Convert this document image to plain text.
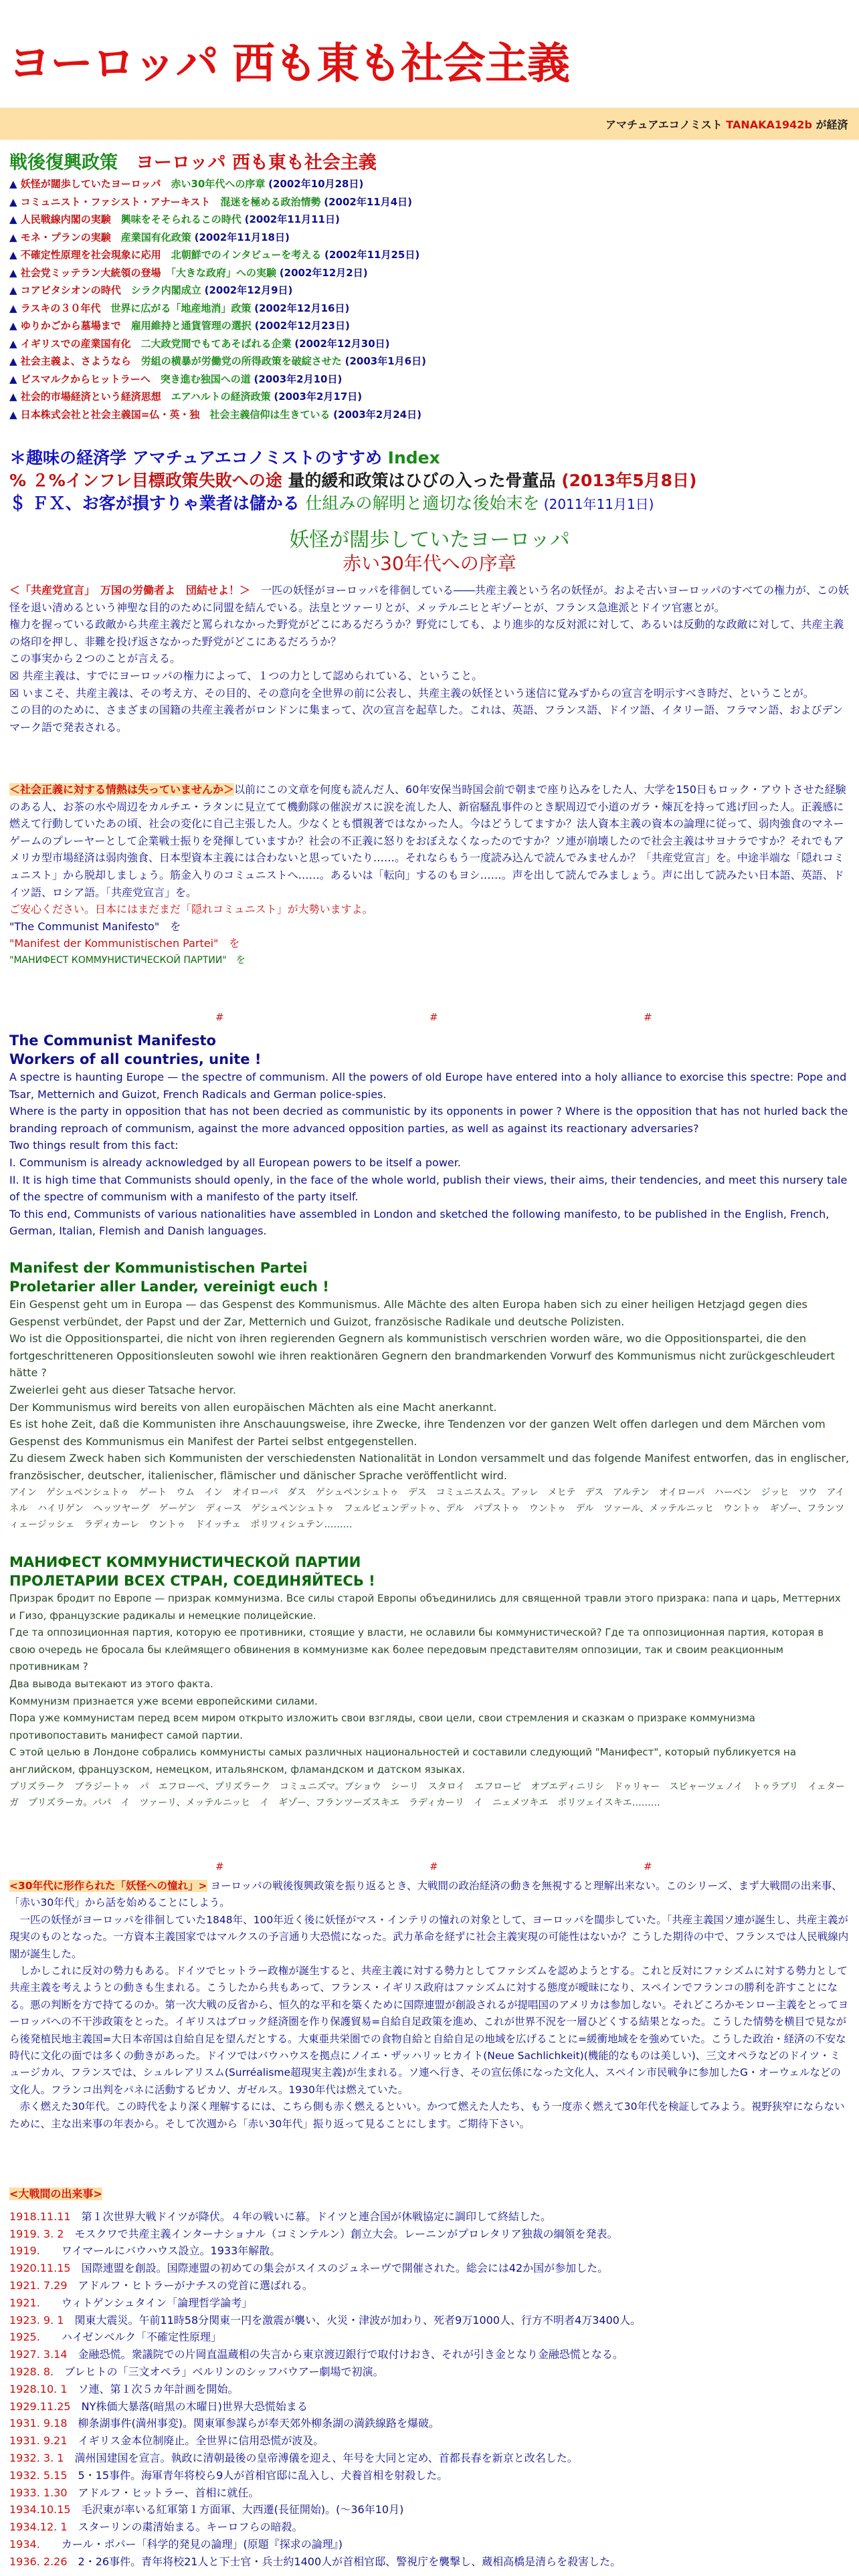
ヨーロッパ 西も東も社会主義
アマチュアエコノミスト TANAKA1942b が経済
戦後復興政策　ヨーロッパ 西も東も社会主義
▲ 妖怪が闊歩していたヨーロッパ　 赤い30年代への序章 (2002年10月28日)
▲ コミュニスト・ファシスト・アナーキスト　 混迷を極める政治情勢 (2002年11月4日)
▲ 人民戦線内閣の実験　 興味をそそられるこの時代 (2002年11月11日)
▲ モネ・プランの実験　 産業国有化政策 (2002年11月18日)
▲ 不確定性原理を社会現象に応用　 北朝鮮でのインタビューを考える (2002年11月25日)
▲ 社会党ミッテラン大統領の登場　 「大きな政府」への実験 (2002年12月2日)
▲ コアビタシオンの時代　 シラク内閣成立 (2002年12月9日)
▲ ラスキの３０年代　 世界に広がる「地産地消」政策 (2002年12月16日)
▲ ゆりかごから墓場まで　 雇用維持と通貨管理の選択 (2002年12月23日)
▲ イギリスでの産業国有化　 二大政党間でもてあそばれる企業 (2002年12月30日)
▲ 社会主義よ、さようなら　 労組の横暴が労働党の所得政策を破綻させた (2003年1月6日)
▲ ビスマルクからヒットラーへ　 突き進む独国への道 (2003年2月10日)
▲ 社会的市場経済という経済思想　 エアハルトの経済政策 (2003年2月17日)
▲ 日本株式会社と社会主義国=仏・英・独　 社会主義信仰は生きている (2003年2月24日)
＊趣味の経済学 アマチュアエコノミストのすすめ Index
% ２%インフレ目標政策失敗への途 量的緩和政策はひびの入った骨董品 (2013年5月8日)
＄ ＦＸ、お客が損すりゃ業者は儲かる 仕組みの解明と適切な後始末を (2011年11月1日)
妖怪が闊歩していたヨーロッパ
赤い30年代への序章

＜「共産党宣言」　万国の労働者よ　団結せよ！＞　一匹の妖怪がヨーロッパを徘徊している――共産主義という名の妖怪が。およそ古いヨーロッパのすべての権力が、この妖怪を退い清めるという神聖な目的のために同盟を結んでいる。法皇とツァーリとが、メッテルニヒとギゾーとが、フランス急進派とドイツ官憲とが。

権力を握っている政敵から共産主義だと罵られなかった野党がどこにあるだろうか？野党にしても、より進歩的な反対派に対して、あるいは反動的な政敵に対して、共産主義の烙印を押し、非難を投げ返さなかった野党がどこにあるだろうか？

この事実から２つのことが言える。

☒ 共産主義は、すでにヨーロッパの権力によって、１つの力として認められている、ということ。

☒ いまこそ、共産主義は、その考え方、その目的、その意向を全世界の前に公表し、共産主義の妖怪という迷信に覚みずからの宣言を明示すべき時だ、ということが。

この目的のために、さまざまの国籍の共産主義者がロンドンに集まって、次の宣言を起草した。これは、英語、フランス語、ドイツ語、イタリー語、フラマン語、およびデンマーク語で発表される。

＜社会正義に対する情熱は失っていませんか＞以前にこの文章を何度も読んだ人、60年安保当時国会前で朝まで座り込みをした人、大学を150日もロック・アウトさせた経験のある人、お茶の水や周辺をカルチエ・ラタンに見立てて機動隊の催涙ガスに涙を流した人、新宿騒乱事件のとき駅周辺で小道のガラ・煉瓦を持って逃げ回った人。正義感に燃えて行動していたあの頃、社会の変化に自己主張した人。少なくとも慣親著ではなかった人。今はどうしてますか？法人資本主義の資本の論理に従って、弱肉強食のマネーゲームのプレーヤーとして企業戦士振りを発揮していますか？社会の不正義に怒りをおぼえなくなったのですか？ソ連が崩壊したので社会主義はサヨナラですか？それでもアメリカ型市場経済は弱肉強食、日本型資本主義には合わないと思っていたり……。それならもう一度読み込んで読んでみませんか？「共産党宣言」を。中途半端な「隠れコミュニスト」から脱却しましょう。筋金入りのコミュニストへ……。あるいは「転向」するのもヨシ……。声を出して読んでみましょう。声に出して読みたい日本語、英語、ドイツ語、ロシア語。「共産党宣言」を。

ご安心ください。日本にはまだまだ「隠れコミュニスト」が大勢いますよ。

"The Communist Manifesto"　を

"Manifest der Kommunistischen Partei"　を

"МАНИФЕСТ КОММУНИСТИЧЕСКОЙ ПАРТИИ"　を

#	#	#
The Communist Manifesto
Workers of all countries, unite !

A spectre is haunting Europe — the spectre of communism. All the powers of old Europe have entered into a holy alliance to exorcise this spectre: Pope and Tsar, Metternich and Guizot, French Radicals and German police-spies.

Where is the party in opposition that has not been decried as communistic by its opponents in power ? Where is the opposition that has not hurled back the branding reproach of communism, against the more advanced opposition parties, as well as against its reactionary adversaries?

Two things result from this fact:

I. Communism is already acknowledged by all European powers to be itself a power.

II. It is high time that Communists should openly, in the face of the whole world, publish their views, their aims, their tendencies, and meet this nursery tale of the spectre of communism with a manifesto of the party itself.

To this end, Communists of various nationalities have assembled in London and sketched the following manifesto, to be published in the English, French, German, Italian, Flemish and Danish languages.

Manifest der Kommunistischen Partei
Proletarier aller Lander, vereinigt euch !

Ein Gespenst geht um in Europa — das Gespenst des Kommunismus. Alle Mächte des alten Europa haben sich zu einer heiligen Hetzjagd gegen dies Gespenst verbündet, der Papst und der Zar, Metternich und Guizot, französische Radikale und deutsche Polizisten.

Wo ist die Oppositionspartei, die nicht von ihren regierenden Gegnern als kommunistisch verschrien worden wäre, wo die Oppositionspartei, die den fortgeschritteneren Oppositionsleuten sowohl wie ihren reaktionären Gegnern den brandmarkenden Vorwurf des Kommunismus nicht zurückgeschleudert hätte ?

Zweierlei geht aus dieser Tatsache hervor.

Der Kommunismus wird bereits von allen europäischen Mächten als eine Macht anerkannt.

Es ist hohe Zeit, daß die Kommunisten ihre Anschauungsweise, ihre Zwecke, ihre Tendenzen vor der ganzen Welt offen darlegen und dem Märchen vom Gespenst des Kommunismus ein Manifest der Partei selbst entgegenstellen.

Zu diesem Zweck haben sich Kommunisten der verschiedensten Nationalität in London versammelt und das folgende Manifest entworfen, das in englischer, französischer, deutscher, italienischer, flämischer und dänischer Sprache veröffentlicht wird.

アイン　ゲシュペンシュトゥ　ゲート　ウム　イン　オイローパ　ダス　ゲシュペンシュトゥ　デス　コミュニスムス。アッレ　メヒテ　デス　アルテン　オイローパ　ハーベン　ジッヒ　ツウ　アイネル　ハイリゲン　ヘッツヤーグ　ゲーゲン　ディース　ゲシュペンシュトゥ　フェルビュンデットゥ、デル　パプストゥ　ウントゥ　デル　ツァール、メッテルニッヒ　ウントゥ　ギゾー、フランツィェージッシェ　ラディカーレ　ウントゥ　ドイッチェ　ポリツィシュテン………

МАНИФЕСТ КОММУНИСТИЧЕСКОЙ ПАРТИИ
ПРОЛЕТАРИИ ВСЕХ СТРАН, СОЕДИНЯЙТЕСЬ !

Призрак бродит по Европе — призрак коммунизма. Все силы старой Европы объединились для священной травли этого призрака: папа и царь, Меттерних и Гизо, французские радикалы и немецкие полицейские.

Где та оппозиционная партия, которую ее противники, стоящие у власти, не ославили бы коммунистической? Где та оппозиционная партия, которая в свою очередь не бросала бы клеймящего обвинения в коммунизме как более передовым представителям оппозиции, так и своим реакционным противникам ?

Два вывода вытекают из этого факта.

Коммунизм признается уже всеми европейскими силами.

Пора уже коммунистам перед всем миром открыто изложить свои взгляды, свои цели, свои стремления и сказкам о призраке коммунизма противопоставить манифест самой партии.

С этой целью в Лондоне собрались коммунисты самых различных национальностей и составили следующий "Манифест", который публикуется на английском, французском, немецком, итальянском, фламандском и датском языках.

プリズラーク　ブラジートゥ　パ　エフローペ、プリズラーク　コミュニズマ。ブショウ　シーリ　スタロイ　エフローピ　オブエディニリシ　ドゥリャー　スビャーツェノイ　トゥラブリ　イェターガ　プリズラーカ。パパ　イ　ツァーリ、メッテルニッヒ　イ　ギゾー、フランツーズスキエ　ラディカーリ　イ　ニェメツキエ　ポリツェイスキエ………

#	#	#

<30年代に形作られた「妖怪への憧れ」> ヨーロッパの戦後復興政策を振り返るとき、大戦間の政治経済の動きを無視すると理解出来ない。このシリーズ、まず大戦間の出来事、「赤い30年代」から話を始めることにしよう。

　一匹の妖怪がヨーロッパを徘徊していた1848年、100年近く後に妖怪がマス・インテリの憧れの対象として、ヨーロッパを闊歩していた。「共産主義国ソ連が誕生し、共産主義が現実のものとなった。一方資本主義国家ではマルクスの予言通り大恐慌になった。武力革命を経ずに社会主義実現の可能性はないか？こうした期待の中で、フランスでは人民戦線内閣が誕生した。

　しかしこれに反対の勢力もある。ドイツでヒットラー政権が誕生すると、共産主義に対する勢力としてファシズムを認めようとする。これと反対にファシズムに対する勢力として共産主義を考えようとの動きも生まれる。こうしたから共もあって、フランス・イギリス政府はファシズムに対する態度が曖昧になり、スペインでフランコの勝利を許すことになる。悪の判断を方で持てるのか。第一次大戦の反省から、恒久的な平和を築くために国際連盟が創設されるが提唱国のアメリカは参加しない。それどころかモンロー主義をとってヨーロッパへの不干渉政策をとった。イギリスはブロック経済圏を作り保護貿易=自給自足政策を進め、これが世界不況を一層ひどくする結果となった。こうした情勢を横目で見ながら後発植民地主義国=大日本帝国は自給自足を望んだとする。大東亜共栄圏での食物自給と自給自足の地域を広げることに=緩衝地域をを強めていた。こうした政治・経済の不安な時代に文化の面では多くの動きがあった。ドイツではバウハウスを拠点にノイエ・ザッハリッヒカイト(Neue Sachlichkeit)(機能的なものは美しい)、三文オペラなどのドイツ・ミュージカル、フランスでは、シュルレアリスム(Surréalisme超現実主義)が生まれる。ソ連へ行き、その宣伝係になった文化人、スペイン市民戦争に参加したG・オーウェルなどの文化人。フランコ出判をパネに活動するピカソ、ガゼルス。1930年代は燃えていた。

　赤く燃えた30年代。この時代をより深く理解するには、こちら側も赤く燃えるといい。かつて燃えた人たち、もう一度赤く燃えて30年代を検証してみよう。視野狭窄にならないために、主な出来事の年表から。そして次週から「赤い30年代」振り返って見ることにします。ご期待下さい。

<大戦間の出来事>
1918.11.11　 第１次世界大戦ドイツが降伏。４年の戦いに幕。ドイツと連合国が休戦協定に調印して終結した。
1919. 3. 2　 モスクワで共産主義インターナショナル（コミンテルン）創立大会。レーニンがプロレタリア独裁の綱領を発表。
1919.　　ワイマールにバウハウス設立。1933年解散。
1920.11.15　 国際連盟を創設。国際連盟の初めての集会がスイスのジュネーヴで開催された。総会には42か国が参加した。
1921. 7.29　 アドルフ・ヒトラーがナチスの党首に選ばれる。
1921.　　ウィトゲンシュタイン「論理哲学論考」
1923. 9. 1　 関東大震災。午前11時58分関東一円を激震が襲い、火災・津波が加わり、死者9万1000人、行方不明者4万3400人。
1925.　　ハイゼンベルク「不確定性原理」
1927. 3.14　 金融恐慌。衆議院での片岡直温蔵相の失言から東京渡辺銀行で取付けおき、それが引き金となり金融恐慌となる。
1928. 8.　 ブレヒトの「三文オペラ」ベルリンのシッフバウアー劇場で初演。
1928.10. 1　 ソ連、第１次５カ年計画を開始。
1929.11.25　 NY株価大暴落(暗黒の木曜日)世界大恐慌始まる
1931. 9.18　 柳条湖事件(満州事変)。関東軍参謀らが奉天郊外柳条湖の満鉄線路を爆破。
1931. 9.21　 イギリス金本位制廃止。全世界に信用恐慌が波及。
1932. 3. 1　 満州国建国を宣言。執政に清朝最後の皇帝溥儀を迎え、年号を大同と定め、首都長春を新京と改名した。
1932. 5.15　 5・15事件。海軍青年将校ら9人が首相官邸に乱入し、犬養首相を射殺した。
1933. 1.30　 アドルフ・ヒットラー、首相に就任。
1934.10.15　 毛沢東が率いる紅軍第１方面軍、大西遷(長征開始)。(〜36年10月)
1934.12. 1　 スターリンの粛清始まる。キーロフらの暗殺。
1934.　　カール・ポパー「科学的発見の論理」(原題『探求の論理』)
1936. 2.26　 2・26事件。青年将校21人と下士官・兵士約1400人が首相官邸、警視庁を襲撃し、蔵相高橋是清らを殺害した。
